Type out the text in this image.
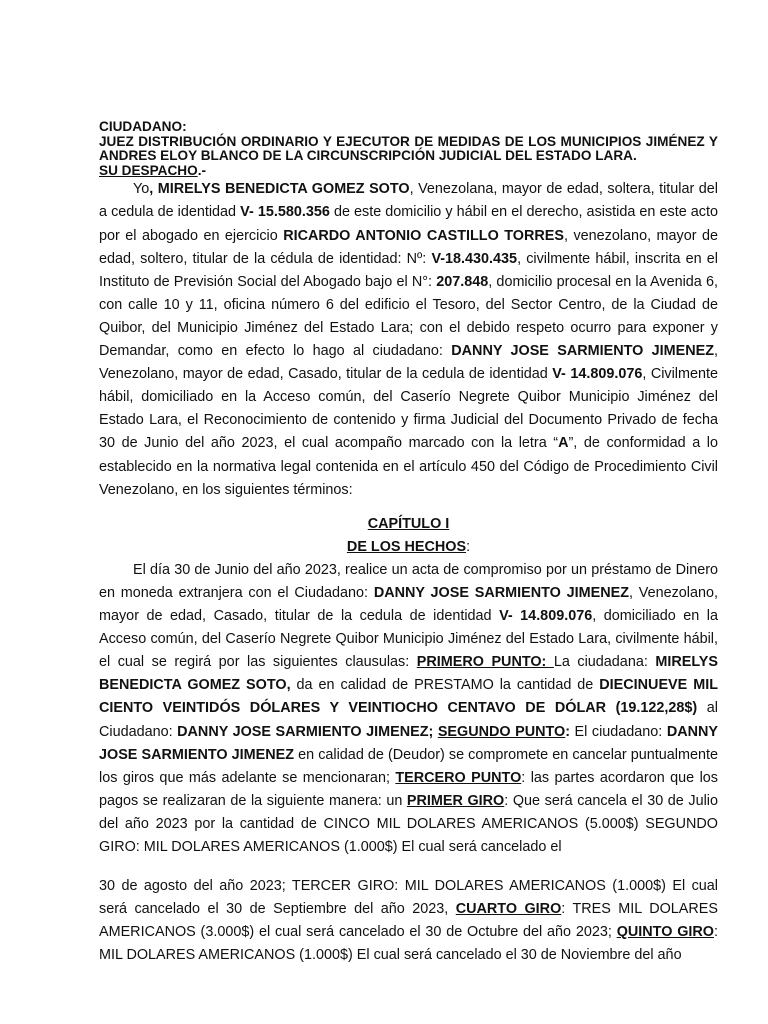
CIUDADANO:
JUEZ DISTRIBUCIÓN ORDINARIO Y EJECUTOR DE MEDIDAS DE LOS MUNICIPIOS JIMÉNEZ Y ANDRES ELOY BLANCO DE LA CIRCUNSCRIPCIÓN JUDICIAL DEL ESTADO LARA.
SU DESPACHO.-

Yo, MIRELYS BENEDICTA GOMEZ SOTO, Venezolana, mayor de edad, soltera, titular del a cedula de identidad V- 15.580.356 de este domicilio y hábil en el derecho, asistida en este acto por el abogado en ejercicio RICARDO ANTONIO CASTILLO TORRES, venezolano, mayor de edad, soltero, titular de la cédula de identidad: Nº: V-18.430.435, civilmente hábil, inscrita en el Instituto de Previsión Social del Abogado bajo el N°: 207.848, domicilio procesal en la Avenida 6, con calle 10 y 11, oficina número 6 del edificio el Tesoro, del Sector Centro, de la Ciudad de Quibor, del Municipio Jiménez del Estado Lara; con el debido respeto ocurro para exponer y Demandar, como en efecto lo hago al ciudadano: DANNY JOSE SARMIENTO JIMENEZ, Venezolano, mayor de edad, Casado, titular de la cedula de identidad V- 14.809.076, Civilmente hábil, domiciliado en la Acceso común, del Caserío Negrete Quibor Municipio Jiménez del Estado Lara, el Reconocimiento de contenido y firma Judicial del Documento Privado de fecha 30 de Junio del año 2023, el cual acompaño marcado con la letra “A”, de conformidad a lo establecido en la normativa legal contenida en el artículo 450 del Código de Procedimiento Civil Venezolano, en los siguientes términos:

CAPÍTULO I

DE LOS HECHOS:

El día 30 de Junio del año 2023, realice un acta de compromiso por un préstamo de Dinero en moneda extranjera con el Ciudadano: DANNY JOSE SARMIENTO JIMENEZ, Venezolano, mayor de edad, Casado, titular de la cedula de identidad V- 14.809.076, domiciliado en la Acceso común, del Caserío Negrete Quibor Municipio Jiménez del Estado Lara, civilmente hábil, el cual se regirá por las siguientes clausulas: PRIMERO PUNTO: La ciudadana: MIRELYS BENEDICTA GOMEZ SOTO, da en calidad de PRESTAMO la cantidad de DIECINUEVE MIL CIENTO VEINTIDÓS DÓLARES Y VEINTIOCHO CENTAVO DE DÓLAR (19.122,28$) al Ciudadano: DANNY JOSE SARMIENTO JIMENEZ; SEGUNDO PUNTO: El ciudadano: DANNY JOSE SARMIENTO JIMENEZ en calidad de (Deudor) se compromete en cancelar puntualmente los giros que más adelante se mencionaran; TERCERO PUNTO: las partes acordaron que los pagos se realizaran de la siguiente manera: un PRIMER GIRO: Que será cancela el 30 de Julio del año 2023 por la cantidad de CINCO MIL DOLARES AMERICANOS (5.000$) SEGUNDO GIRO: MIL DOLARES AMERICANOS (1.000$) El cual será cancelado el

30 de agosto del año 2023; TERCER GIRO: MIL DOLARES AMERICANOS (1.000$) El cual será cancelado el 30 de Septiembre del año 2023, CUARTO GIRO: TRES MIL DOLARES AMERICANOS (3.000$) el cual será cancelado el 30 de Octubre del año 2023; QUINTO GIRO: MIL DOLARES AMERICANOS (1.000$) El cual será cancelado el 30 de Noviembre del año
